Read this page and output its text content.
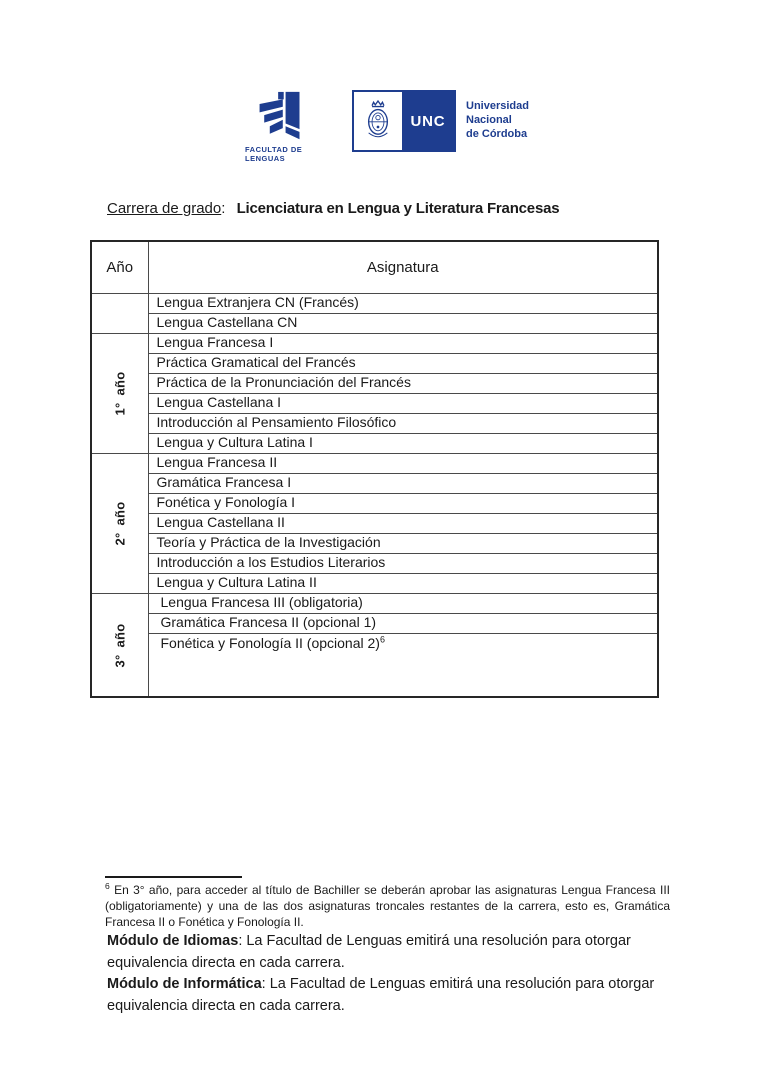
FACULTAD DE
LENGUAS
UNC
Universidad
Nacional
de Córdoba
Carrera de grado: Licenciatura en Lengua y Literatura Francesas
Año	Asignatura
	Lengua Extranjera CN (Francés)
	Lengua Castellana CN
1° año	Lengua Francesa I
	Práctica Gramatical del Francés
	Práctica de la Pronunciación del Francés
	Lengua Castellana I
	Introducción al Pensamiento Filosófico
	Lengua y Cultura Latina I
2° año	Lengua Francesa II
	Gramática Francesa I
	Fonética y Fonología I
	Lengua Castellana II
	Teoría y Práctica de la Investigación
	Introducción a los Estudios Literarios
	Lengua y Cultura Latina II
3° año	Lengua Francesa III (obligatoria)
	Gramática Francesa II (opcional 1)
	Fonética y Fonología II (opcional 2)$^6$
$^6$ En 3° año, para acceder al título de Bachiller se deberán aprobar las asignaturas Lengua Francesa III (obligatoriamente) y una de las dos asignaturas troncales restantes de la carrera, esto es, Gramática Francesa II o Fonética y Fonología II.

Módulo de Idiomas: La Facultad de Lenguas emitirá una resolución para otorgar equivalencia directa en cada carrera.

Módulo de Informática: La Facultad de Lenguas emitirá una resolución para otorgar equivalencia directa en cada carrera.
